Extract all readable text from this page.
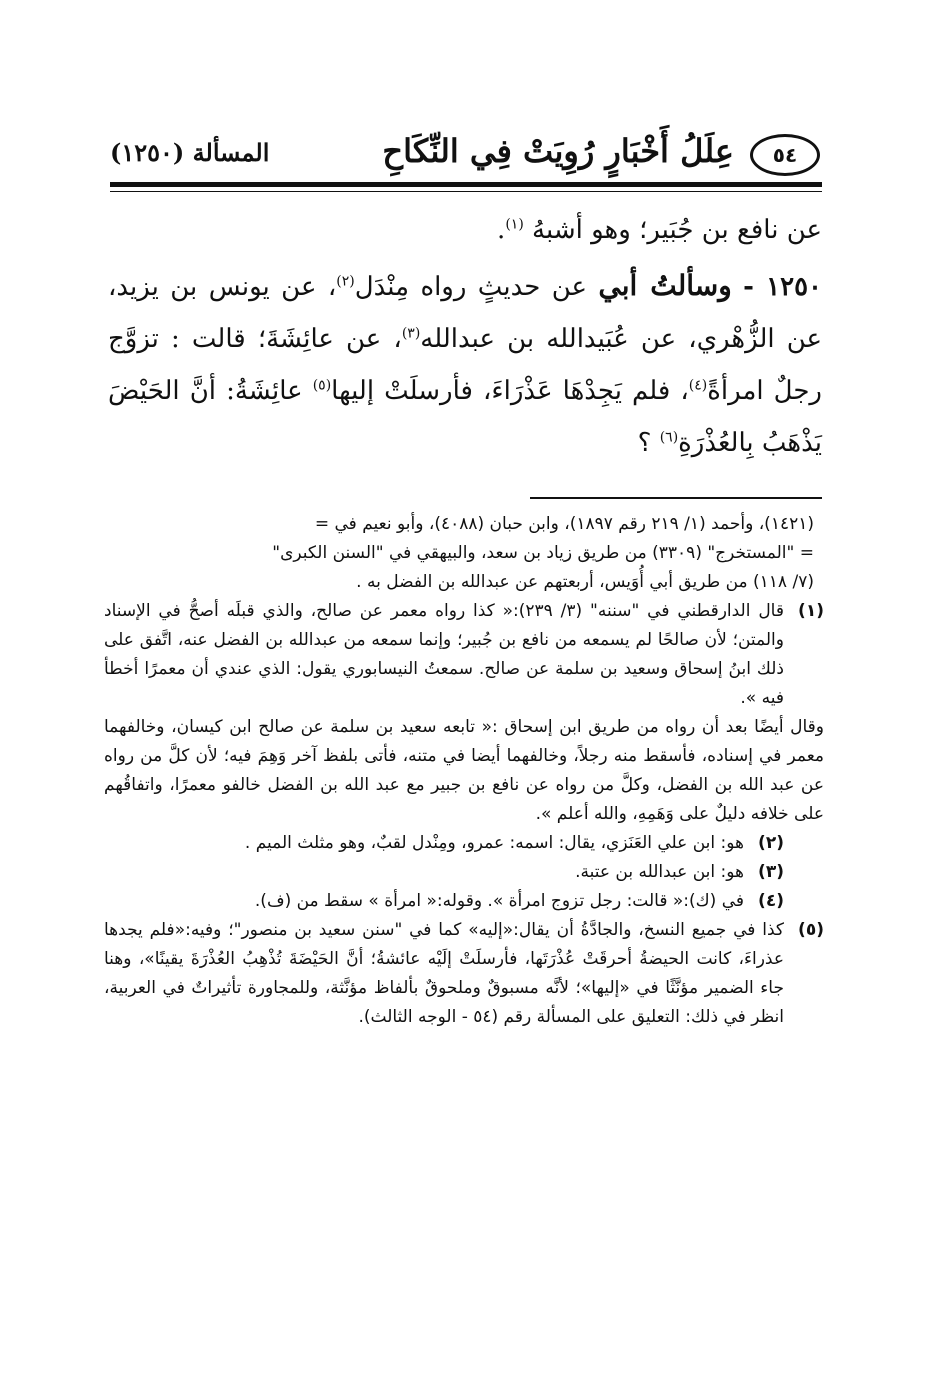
٥٤
عِلَلُ أَخْبَارٍ رُوِيَتْ فِي النِّكَاحِ
المسألة (١٢٥٠)

عن نافع بن جُبَير؛ وهو أشبهُ $^{(١)}$.

١٢٥٠ - وسألتُ أبي عن حديثٍ رواه مِنْدَل$^{(٢)}$، عن يونس بن يزيد، عن الزُّهْري، عن عُبَيدالله بن عبدالله$^{(٣)}$، عن عائِشَةَ؛ قالت : تزوَّج رجلٌ امرأةً$^{(٤)}$، فلم يَجِدْهَا عَذْرَاءَ، فأرسلَتْ إليها$^{(٥)}$ عائِشَةُ: أنَّ الحَيْضَ يَذْهَبُ بِالعُذْرَةِ$^{(٦)}$ ؟

(١٤٢١)، وأحمد (١/ ٢١٩ رقم ١٨٩٧)، وابن حبان (٤٠٨٨)، وأبو نعيم في =

= "المستخرج" (٣٣٠٩) من طريق زياد بن سعد، والبيهقي في "السنن الكبرى"

(٧/ ١١٨) من طريق أبي أُوَيس، أربعتهم عن عبدالله بن الفضل به .

(١)
قال الدارقطني في "سننه" (٣/ ٢٣٩):« كذا رواه معمر عن صالح، والذي قبلَه أصحُّ في الإسناد والمتن؛ لأن صالحًا لم يسمعه من نافع بن جُبير؛ وإنما سمعه من عبدالله بن الفضل عنه، اتَّفق على ذلك ابنُ إسحاق وسعيد بن سلمة عن صالح. سمعتُ النيسابوري يقول: الذي عندي أن معمرًا أخطأ فيه ».

وقال أيضًا بعد أن رواه من طريق ابن إسحاق :« تابعه سعيد بن سلمة عن صالح ابن كيسان، وخالفهما معمر في إسناده، فأسقط منه رجلاً، وخالفهما أيضا في متنه، فأتى بلفظ آخر وَهِمَ فيه؛ لأن كلَّ من رواه عن عبد الله بن الفضل، وكلَّ من رواه عن نافع بن جبير مع عبد الله بن الفضل خالفو معمرًا، واتفاقُهم على خلافه دليلٌ على وَهَمِهِ، والله أعلم ».

(٢)
هو: ابن علي العَنَزي، يقال: اسمه: عمرو، ومِنْدل لقبٌ، وهو مثلث الميم .
(٣)
هو: ابن عبدالله بن عتبة.
(٤)
في (ك):« قالت: رجل تزوج امرأة ». وقوله:« امرأة » سقط من (ف).
(٥)
كذا في جميع النسخ، والجادَّةُ أن يقال:«إليه» كما في "سنن سعيد بن منصور"؛ وفيه:«فلم يجدها عذراءَ، كانت الحيضةُ أحرقَتْ عُذْرَتَها، فأرسلَتْ إلَيْه عائشةُ؛ أنَّ الحَيْضَةَ تُذْهِبُ العُذْرَةَ يقينًا»، وهنا جاء الضمير مؤنَّثًا في «إليها»؛ لأنَّه مسبوقٌ وملحوقٌ بألفاظ مؤنَّثة، وللمجاورة تأثيراتٌ في العربية، انظر في ذلك: التعليق على المسألة رقم (٥٤ - الوجه الثالث).
